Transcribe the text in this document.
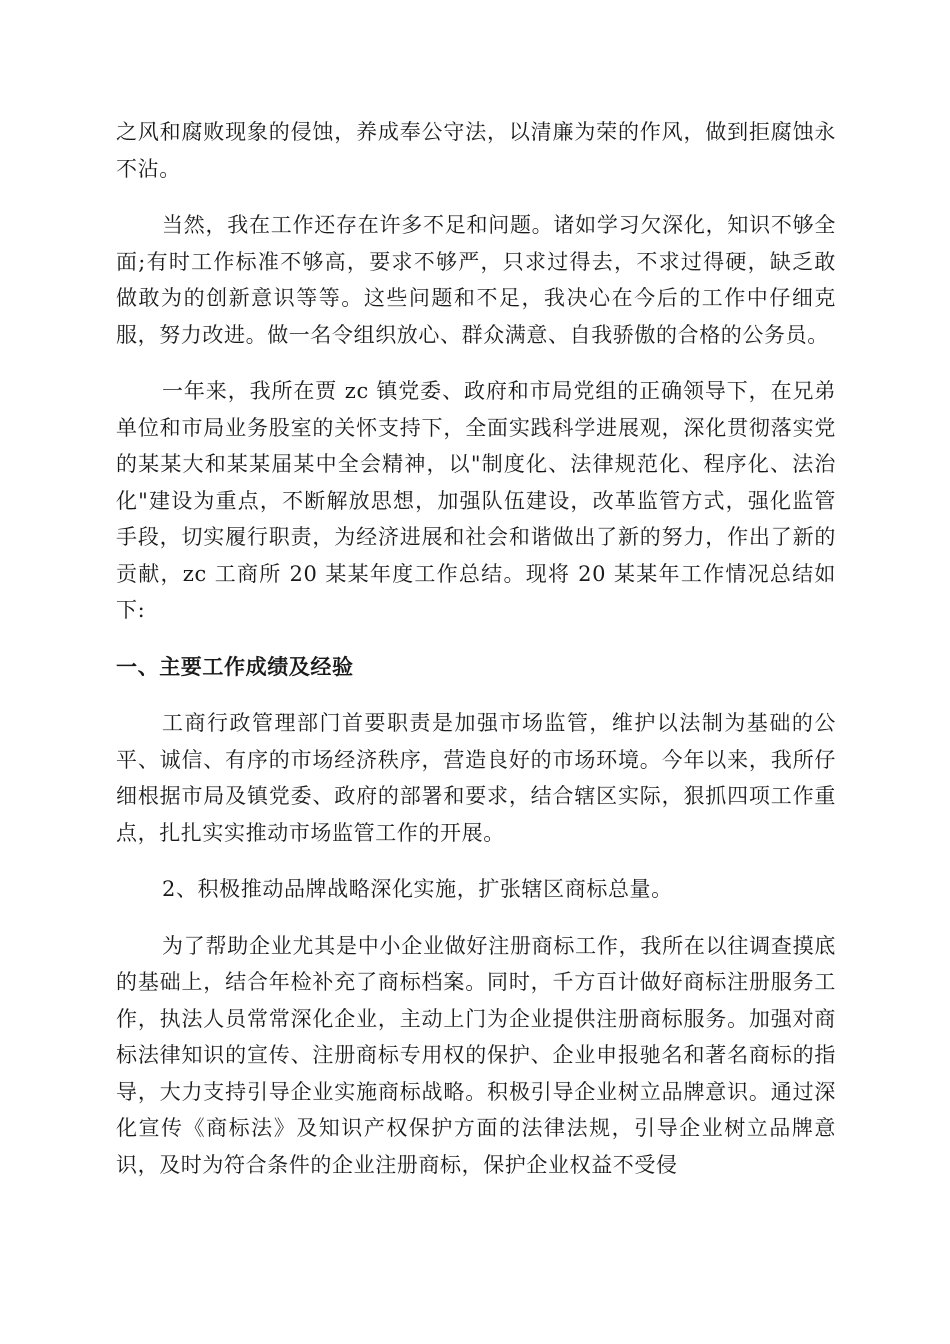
之风和腐败现象的侵蚀，养成奉公守法，以清廉为荣的作风，做到拒腐蚀永不沾。

当然，我在工作还存在许多不足和问题。诸如学习欠深化，知识不够全面;有时工作标准不够高，要求不够严，只求过得去，不求过得硬，缺乏敢做敢为的创新意识等等。这些问题和不足，我决心在今后的工作中仔细克服，努力改进。做一名令组织放心、群众满意、自我骄傲的合格的公务员。

一年来，我所在贾 zc 镇党委、政府和市局党组的正确领导下，在兄弟单位和市局业务股室的关怀支持下，全面实践科学进展观，深化贯彻落实党的某某大和某某届某中全会精神，以"制度化、法律规范化、程序化、法治化"建设为重点，不断解放思想，加强队伍建设，改革监管方式，强化监管手段，切实履行职责，为经济进展和社会和谐做出了新的努力，作出了新的贡献，zc 工商所 20 某某年度工作总结。现将 20 某某年工作情况总结如下:

一、主要工作成绩及经验

工商行政管理部门首要职责是加强市场监管，维护以法制为基础的公平、诚信、有序的市场经济秩序，营造良好的市场环境。今年以来，我所仔细根据市局及镇党委、政府的部署和要求，结合辖区实际，狠抓四项工作重点，扎扎实实推动市场监管工作的开展。

2、积极推动品牌战略深化实施，扩张辖区商标总量。

为了帮助企业尤其是中小企业做好注册商标工作，我所在以往调查摸底的基础上，结合年检补充了商标档案。同时，千方百计做好商标注册服务工作，执法人员常常深化企业，主动上门为企业提供注册商标服务。加强对商标法律知识的宣传、注册商标专用权的保护、企业申报驰名和著名商标的指导，大力支持引导企业实施商标战略。积极引导企业树立品牌意识。通过深化宣传《商标法》及知识产权保护方面的法律法规，引导企业树立品牌意识，及时为符合条件的企业注册商标，保护企业权益不受侵
